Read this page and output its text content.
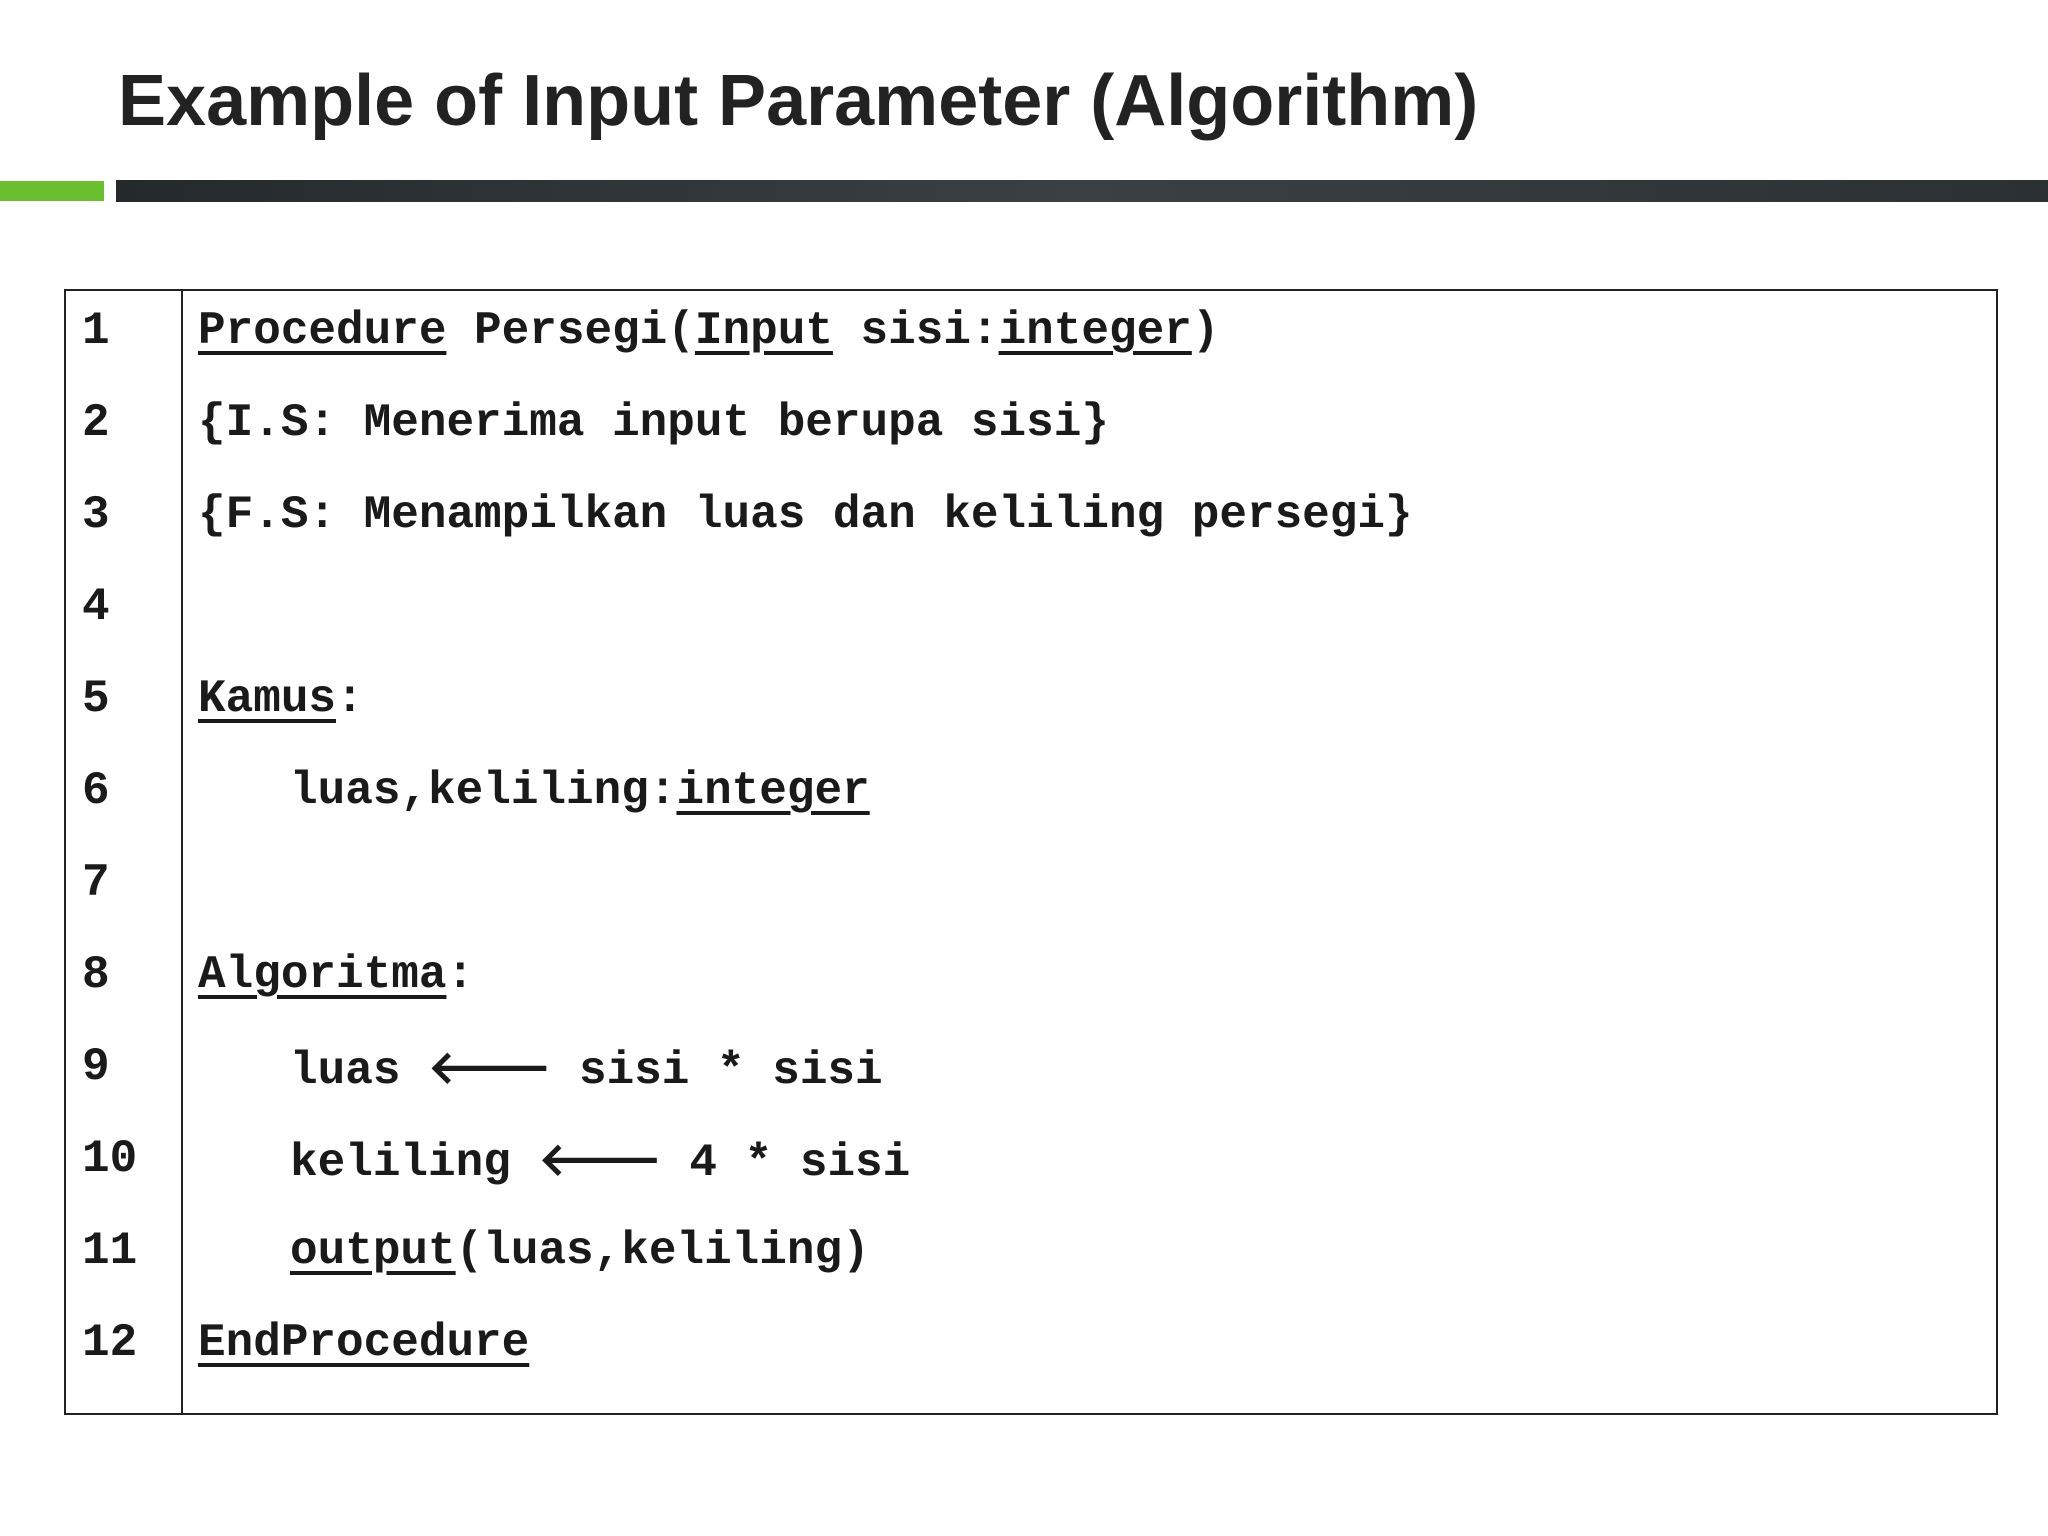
Example of Input Parameter (Algorithm)
1 Procedure Persegi(Input sisi:integer)
2 {I.S: Menerima input berupa sisi}
3 {F.S: Menampilkan luas dan keliling persegi}
4
5 Kamus:
6	luas,keliling:integer
7
8 Algoritma:
9	luas 🡐 sisi * sisi
10	keliling 🡐 4 * sisi
11	output(luas,keliling)
12 EndProcedure
